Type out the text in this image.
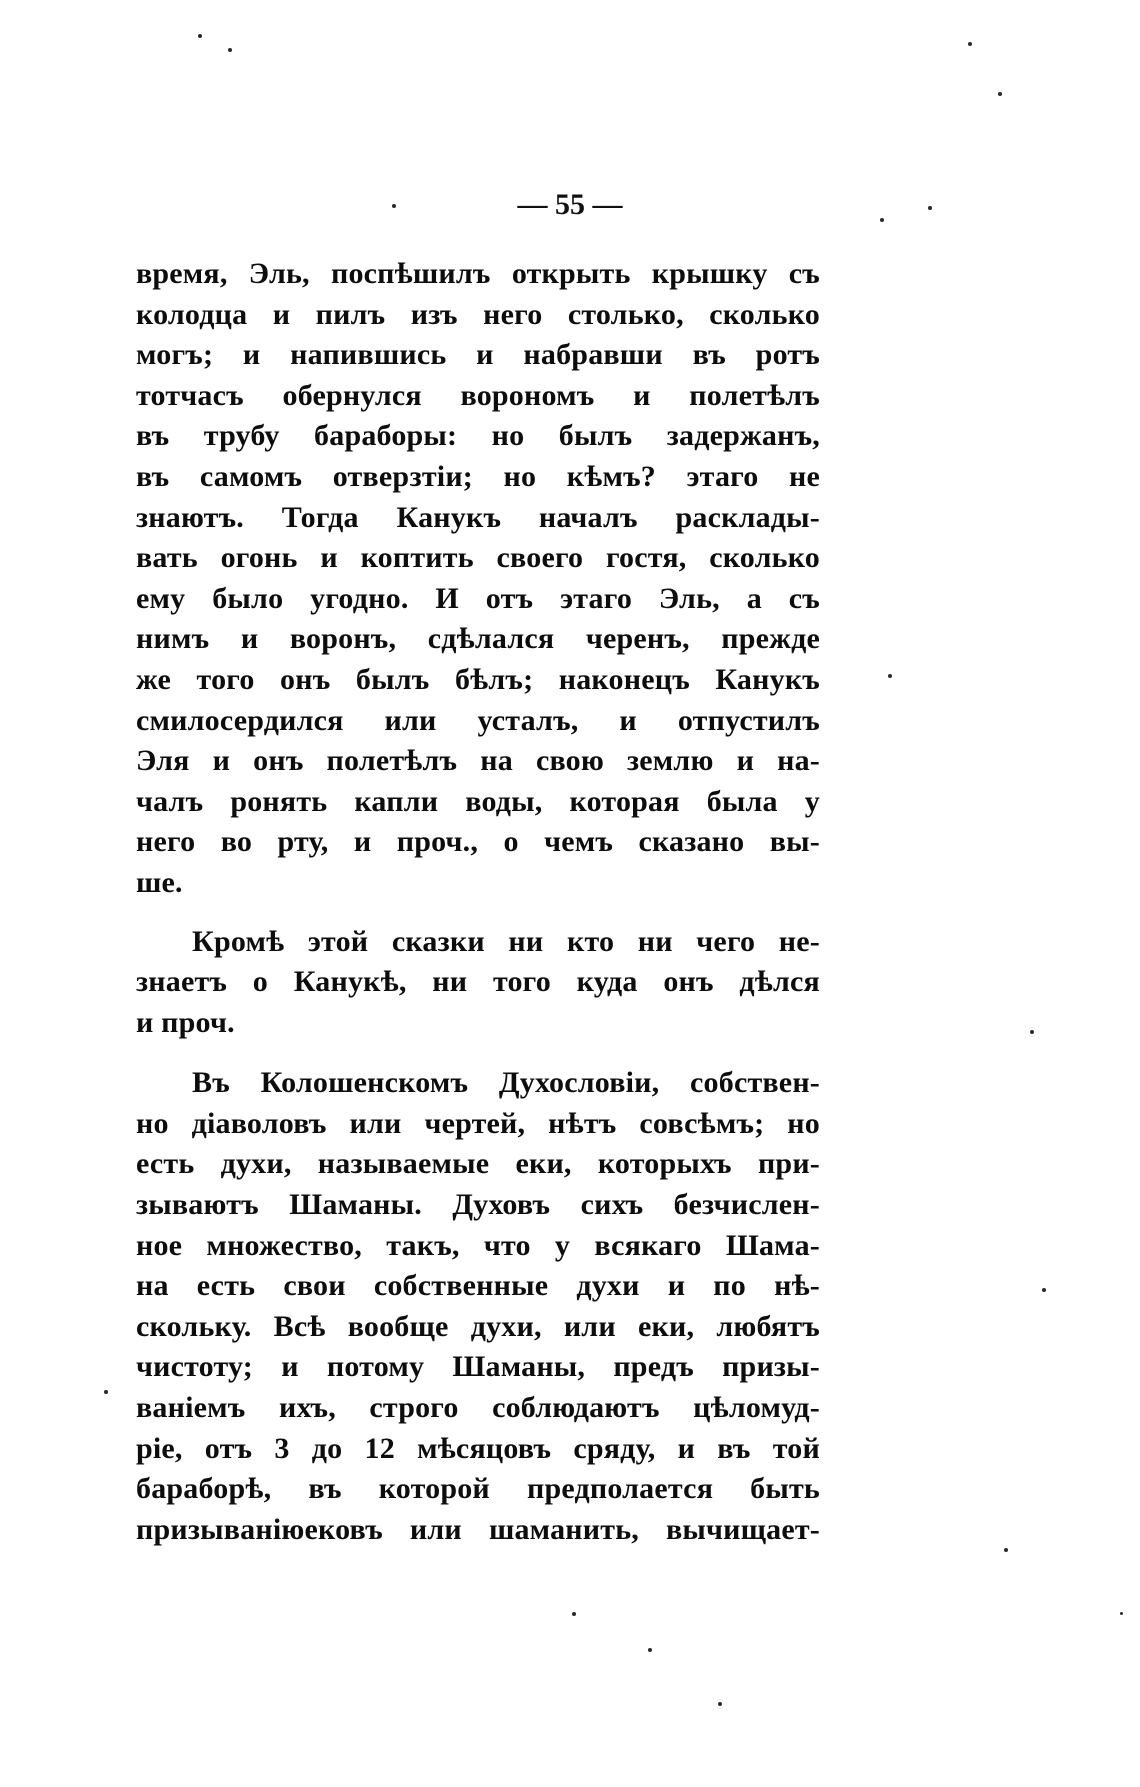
— 55 —
время, Эль, поспѣшилъ открыть крышку съ
колодца и пилъ изъ него столько, сколько
могъ; и напившись и набравши въ ротъ
тотчасъ обернулся ворономъ и полетѣлъ
въ трубу бараборы: но былъ задержанъ,
въ самомъ отверзтіи; но кѣмъ? этаго не
знаютъ. Тогда Канукъ началъ расклады-
вать огонь и коптить своего гостя, сколько
ему было угодно. И отъ этаго Эль, а съ
нимъ и воронъ, сдѣлался черенъ, прежде
же того онъ былъ бѣлъ; наконецъ Канукъ
смилосердился или усталъ, и отпустилъ
Эля и онъ полетѣлъ на свою землю и на-
чалъ ронять капли воды, которая была у
него во рту, и проч., о чемъ сказано вы-
ше.
Кромѣ этой сказки ни кто ни чего не-
знаетъ о Канукѣ, ни того куда онъ дѣлся
и проч.
Въ Колошенскомъ Духословіи, собствен-
но діаволовъ или чертей, нѣтъ совсѣмъ; но
есть духи, называемые еки, которыхъ при-
зываютъ Шаманы. Духовъ сихъ безчислен-
ное множество, такъ, что у всякаго Шама-
на есть свои собственные духи и по нѣ-
скольку. Всѣ вообще духи, или еки, любятъ
чистоту; и потому Шаманы, предъ призы-
ваніемъ ихъ, строго соблюдаютъ цѣломуд-
ріе, отъ 3 до 12 мѣсяцовъ сряду, и въ той
бараборѣ, въ которой предполается быть
призываніюековъ или шаманить, вычищает-
